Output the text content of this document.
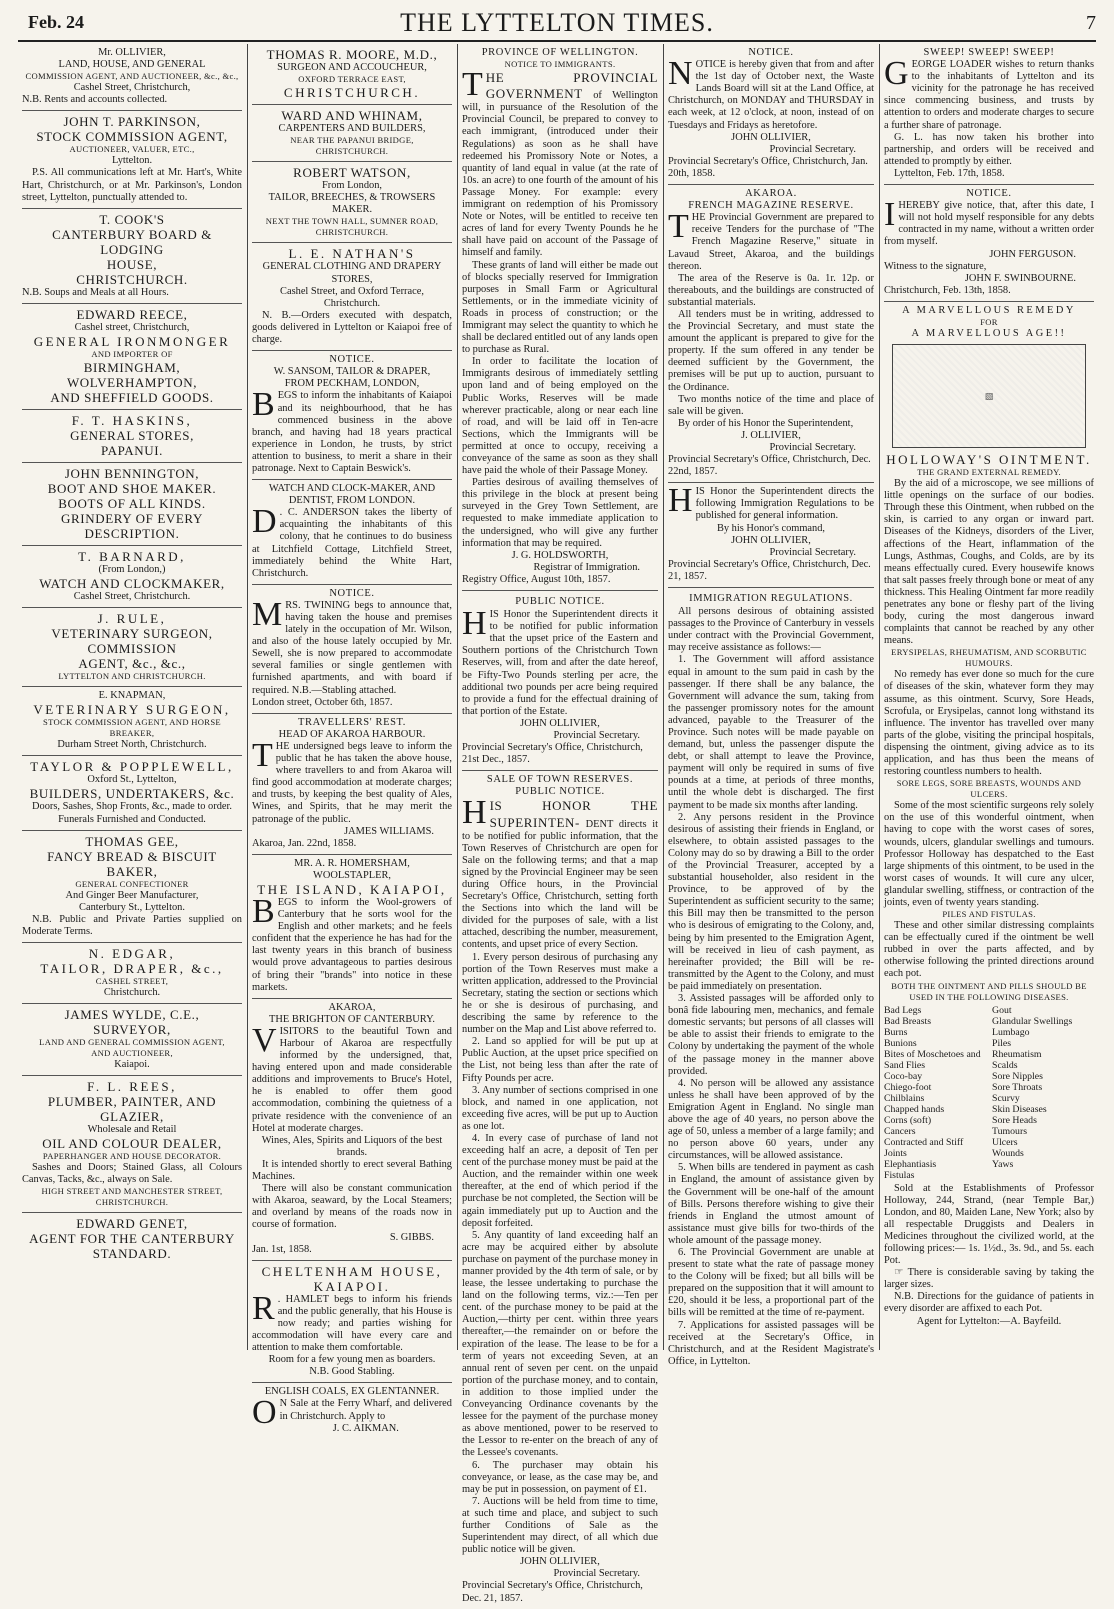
Feb. 24	THE LYTTELTON TIMES.	7
Mr. OLLIVIER,
LAND, HOUSE, AND GENERAL
COMMISSION AGENT, AND AUCTIONEER, &c., &c.,
Cashel Street, Christchurch,
N.B. Rents and accounts collected.
JOHN T. PARKINSON,
STOCK COMMISSION AGENT,
AUCTIONEER, VALUER, ETC.,
Lyttelton.
P.S. All communications left at Mr. Hart's, White Hart, Christchurch, or at Mr. Parkinson's, London street, Lyttelton, punctually attended to.
T. COOK'S
CANTERBURY BOARD & LODGING
HOUSE,
CHRISTCHURCH.
N.B. Soups and Meals at all Hours.
EDWARD REECE,
Cashel street, Christchurch,
GENERAL IRONMONGER
AND IMPORTER OF
BIRMINGHAM, WOLVERHAMPTON,
AND SHEFFIELD GOODS.
F. T. HASKINS,
GENERAL STORES,
PAPANUI.
JOHN BENNINGTON,
BOOT AND SHOE MAKER.
BOOTS OF ALL KINDS.
GRINDERY OF EVERY DESCRIPTION.
T. BARNARD,
(From London,)
WATCH AND CLOCKMAKER,
Cashel Street, Christchurch.
J. RULE,
VETERINARY SURGEON, COMMISSION
AGENT, &c., &c.,
LYTTELTON AND CHRISTCHURCH.
E. KNAPMAN,
VETERINARY SURGEON,
STOCK COMMISSION AGENT, AND HORSE
BREAKER,
Durham Street North, Christchurch.
TAYLOR & POPPLEWELL,
Oxford St., Lyttelton,
BUILDERS, UNDERTAKERS, &c.
Doors, Sashes, Shop Fronts, &c., made to order.
Funerals Furnished and Conducted.
THOMAS GEE,
FANCY BREAD & BISCUIT BAKER,
GENERAL CONFECTIONER
And Ginger Beer Manufacturer,
Canterbury St., Lyttelton.
N.B. Public and Private Parties supplied on Moderate Terms.
N. EDGAR,
TAILOR, DRAPER, &c.,
CASHEL STREET,
Christchurch.
JAMES WYLDE, C.E.,
SURVEYOR,
LAND AND GENERAL COMMISSION AGENT,
AND AUCTIONEER,
Kaiapoi.
F. L. REES,
PLUMBER, PAINTER, AND GLAZIER,
Wholesale and Retail
OIL AND COLOUR DEALER,
PAPERHANGER AND HOUSE DECORATOR.
Sashes and Doors; Stained Glass, all Colours Canvas, Tacks, &c., always on Sale.
HIGH STREET AND MANCHESTER STREET, CHRISTCHURCH.
EDWARD GENET,
AGENT FOR THE CANTERBURY
STANDARD.
THOMAS R. MOORE, M.D.,
SURGEON AND ACCOUCHEUR,
OXFORD TERRACE EAST,
CHRISTCHURCH.
WARD AND WHINAM,
CARPENTERS AND BUILDERS,
NEAR THE PAPANUI BRIDGE,
CHRISTCHURCH.
ROBERT WATSON,
From London,
TAILOR, BREECHES, & TROWSERS
MAKER.
NEXT THE TOWN HALL, SUMNER ROAD, CHRISTCHURCH.
L. E. NATHAN'S
GENERAL CLOTHING AND DRAPERY
STORES,
Cashel Street, and Oxford Terrace, Christchurch.
N. B.—Orders executed with despatch, goods delivered in Lyttelton or Kaiapoi free of charge.
NOTICE.
W. SANSOM, TAILOR & DRAPER,
FROM PECKHAM, LONDON,
BEGS to inform the inhabitants of Kaiapoi and its neighbourhood, that he has commenced business in the above branch, and having had 18 years practical experience in London, he trusts, by strict attention to business, to merit a share in their patronage. Next to Captain Beswick's.
WATCH AND CLOCK-MAKER, AND
DENTIST, FROM LONDON.
D . C. ANDERSON takes the liberty of acquainting the inhabitants of this colony, that he continues to do business at Litchfield Cottage, Litchfield Street, immediately behind the White Hart, Christchurch.
NOTICE.
MRS. TWINING begs to announce that, having taken the house and premises lately in the occupation of Mr. Wilson, and also of the house lately occupied by Mr. Sewell, she is now prepared to accommodate several families or single gentlemen with furnished apartments, and with board if required. N.B.—Stabling attached.
London street, October 6th, 1857.
TRAVELLERS' REST.
HEAD OF AKAROA HARBOUR.
THE undersigned begs leave to inform the public that he has taken the above house, where travellers to and from Akaroa will find good accommodation at moderate charges; and trusts, by keeping the best quality of Ales, Wines, and Spirits, that he may merit the patronage of the public.
JAMES WILLIAMS.
Akaroa, Jan. 22nd, 1858.
MR. A. R. HOMERSHAM,
WOOLSTAPLER,
THE ISLAND, KAIAPOI,
BEGS to inform the Wool-growers of Canterbury that he sorts wool for the English and other markets; and he feels confident that the experience he has had for the last twenty years in this branch of business would prove advantageous to parties desirous of bring their "brands" into notice in these markets.
AKAROA,
THE BRIGHTON OF CANTERBURY.
VISITORS to the beautiful Town and Harbour of Akaroa are respectfully informed by the undersigned, that, having entered upon and made considerable additions and improvements to Bruce's Hotel, he is enabled to offer them good accommodation, combining the quietness of a private residence with the convenience of an Hotel at moderate charges.
Wines, Ales, Spirits and Liquors of the best brands.
It is intended shortly to erect several Bathing Machines.
There will also be constant communication with Akaroa, seaward, by the Local Steamers; and overland by means of the roads now in course of formation.
S. GIBBS.
Jan. 1st, 1858.
CHELTENHAM HOUSE,
KAIAPOI.
R . HAMLET begs to inform his friends and the public generally, that his House is now ready; and parties wishing for accommodation will have every care and attention to make them comfortable.
Room for a few young men as boarders.
N.B. Good Stabling.
ENGLISH COALS, EX GLENTANNER.
O N Sale at the Ferry Wharf, and delivered in Christchurch. Apply to
J. C. AIKMAN.
PROVINCE OF WELLINGTON.
NOTICE TO IMMIGRANTS.
THE PROVINCIAL GOVERNMENT of Wellington will, in pursuance of the Resolution of the Provincial Council, be prepared to convey to each immigrant, (introduced under their Regulations) as soon as he shall have redeemed his Promissory Note or Notes, a quantity of land equal in value (at the rate of 10s. an acre) to one fourth of the amount of his Passage Money. For example: every immigrant on redemption of his Promissory Note or Notes, will be entitled to receive ten acres of land for every Twenty Pounds he he shall have paid on account of the Passage of himself and family.
These grants of land will either be made out of blocks specially reserved for Immigration purposes in Small Farm or Agricultural Settlements, or in the immediate vicinity of Roads in process of construction; or the Immigrant may select the quantity to which he shall be declared entitled out of any lands open to purchase as Rural.
In order to facilitate the location of Immigrants desirous of immediately settling upon land and of being employed on the Public Works, Reserves will be made wherever practicable, along or near each line of road, and will be laid off in Ten-acre Sections, which the Immigrants will be permitted at once to occupy, receiving a conveyance of the same as soon as they shall have paid the whole of their Passage Money.
Parties desirous of availing themselves of this privilege in the block at present being surveyed in the Grey Town Settlement, are requested to make immediate application to the undersigned, who will give any further information that may be required.
J. G. HOLDSWORTH,
Registrar of Immigration.
Registry Office, August 10th, 1857.
PUBLIC NOTICE.
HIS Honor the Superintendent directs it to be notified for public information that the upset price of the Eastern and Southern portions of the Christchurch Town Reserves, will, from and after the date hereof, be Fifty-Two Pounds sterling per acre, the additional two pounds per acre being required to provide a fund for the effectual draining of that portion of the Estate.
JOHN OLLIVIER,
Provincial Secretary.
Provincial Secretary's Office, Christchurch, 21st Dec., 1857.
SALE OF TOWN RESERVES.
PUBLIC NOTICE.
HIS HONOR THE SUPERINTEN- DENT directs it to be notified for public information, that the Town Reserves of Christchurch are open for Sale on the following terms; and that a map signed by the Provincial Engineer may be seen during Office hours, in the Provincial Secretary's Office, Christchurch, setting forth the Sections into which the land will be divided for the purposes of sale, with a list attached, describing the number, measurement, contents, and upset price of every Section.
1. Every person desirous of purchasing any portion of the Town Reserves must make a written application, addressed to the Provincial Secretary, stating the section or sections which he or she is desirous of purchasing, and describing the same by reference to the number on the Map and List above referred to.
2. Land so applied for will be put up at Public Auction, at the upset price specified on the List, not being less than after the rate of Fifty Pounds per acre.
3. Any number of sections comprised in one block, and named in one application, not exceeding five acres, will be put up to Auction as one lot.
4. In every case of purchase of land not exceeding half an acre, a deposit of Ten per cent of the purchase money must be paid at the Auction, and the remainder within one week thereafter, at the end of which period if the purchase be not completed, the Section will be again immediately put up to Auction and the deposit forfeited.
5. Any quantity of land exceeding half an acre may be acquired either by absolute purchase on payment of the purchase money in manner provided by the 4th term of sale, or by lease, the lessee undertaking to purchase the land on the following terms, viz.:—Ten per cent. of the purchase money to be paid at the Auction,—thirty per cent. within three years thereafter,—the remainder on or before the expiration of the lease. The lease to be for a term of years not exceeding Seven, at an annual rent of seven per cent. on the unpaid portion of the purchase money, and to contain, in addition to those implied under the Conveyancing Ordinance covenants by the lessee for the payment of the purchase money as above mentioned, power to be reserved to the Lessor to re-enter on the breach of any of the Lessee's covenants.
6. The purchaser may obtain his conveyance, or lease, as the case may be, and may be put in possession, on payment of £1.
7. Auctions will be held from time to time, at such time and place, and subject to such further Conditions of Sale as the Superintendent may direct, of all which due public notice will be given.
JOHN OLLIVIER,
Provincial Secretary.
Provincial Secretary's Office, Christchurch, Dec. 21, 1857.
NOTICE.
NOTICE is hereby given that from and after the 1st day of October next, the Waste Lands Board will sit at the Land Office, at Christchurch, on MONDAY and THURSDAY in each week, at 12 o'clock, at noon, instead of on Tuesdays and Fridays as heretofore.
JOHN OLLIVIER,
Provincial Secretary.
Provincial Secretary's Office, Christchurch, Jan. 20th, 1858.
AKAROA.
FRENCH MAGAZINE RESERVE.
THE Provincial Government are prepared to receive Tenders for the purchase of "The French Magazine Reserve," situate in Lavaud Street, Akaroa, and the buildings thereon.
The area of the Reserve is 0a. 1r. 12p. or thereabouts, and the buildings are constructed of substantial materials.
All tenders must be in writing, addressed to the Provincial Secretary, and must state the amount the applicant is prepared to give for the property. If the sum offered in any tender be deemed sufficient by the Government, the premises will be put up to auction, pursuant to the Ordinance.
Two months notice of the time and place of sale will be given.
By order of his Honor the Superintendent,
J. OLLIVIER,
Provincial Secretary.
Provincial Secretary's Office, Christchurch, Dec. 22nd, 1857.
HIS Honor the Superintendent directs the following Immigration Regulations to be published for general information.
By his Honor's command,
JOHN OLLIVIER,
Provincial Secretary.
Provincial Secretary's Office, Christchurch, Dec. 21, 1857.
IMMIGRATION REGULATIONS.
All persons desirous of obtaining assisted passages to the Province of Canterbury in vessels under contract with the Provincial Government, may receive assistance as follows:—
1. The Government will afford assistance equal in amount to the sum paid in cash by the passenger. If there shall be any balance, the Government will advance the sum, taking from the passenger promissory notes for the amount advanced, payable to the Treasurer of the Province. Such notes will be made payable on demand, but, unless the passenger dispute the debt, or shall attempt to leave the Province, payment will only be required in sums of five pounds at a time, at periods of three months, until the whole debt is discharged. The first payment to be made six months after landing.
2. Any persons resident in the Province desirous of assisting their friends in England, or elsewhere, to obtain assisted passages to the Colony may do so by drawing a Bill to the order of the Provincial Treasurer, accepted by a substantial householder, also resident in the Province, to be approved of by the Superintendent as sufficient security to the same; this Bill may then be transmitted to the person who is desirous of emigrating to the Colony, and, being by him presented to the Emigration Agent, will be received in lieu of cash payment, as hereinafter provided; the Bill will be re-transmitted by the Agent to the Colony, and must be paid immediately on presentation.
3. Assisted passages will be afforded only to bonâ fide labouring men, mechanics, and female domestic servants; but persons of all classes will be able to assist their friends to emigrate to the Colony by undertaking the payment of the whole of the passage money in the manner above provided.
4. No person will be allowed any assistance unless he shall have been approved of by the Emigration Agent in England. No single man above the age of 40 years, no person above the age of 50, unless a member of a large family; and no person above 60 years, under any circumstances, will be allowed assistance.
5. When bills are tendered in payment as cash in England, the amount of assistance given by the Government will be one-half of the amount of Bills. Persons therefore wishing to give their friends in England the utmost amount of assistance must give bills for two-thirds of the whole amount of the passage money.
6. The Provincial Government are unable at present to state what the rate of passage money to the Colony will be fixed; but all bills will be prepared on the supposition that it will amount to £20, should it be less, a proportional part of the bills will be remitted at the time of re-payment.
7. Applications for assisted passages will be received at the Secretary's Office, in Christchurch, and at the Resident Magistrate's Office, in Lyttelton.
SWEEP! SWEEP! SWEEP!
GEORGE LOADER wishes to return thanks to the inhabitants of Lyttelton and its vicinity for the patronage he has received since commencing business, and trusts by attention to orders and moderate charges to secure a further share of patronage.
G. L. has now taken his brother into partnership, and orders will be received and attended to promptly by either.
Lyttelton, Feb. 17th, 1858.
NOTICE.
I HEREBY give notice, that, after this date, I will not hold myself responsible for any debts contracted in my name, without a written order from myself.
JOHN FERGUSON.
Witness to the signature,
JOHN F. SWINBOURNE.
Christchurch, Feb. 13th, 1858.
A MARVELLOUS REMEDY
FOR
A MARVELLOUS AGE!!
▧
HOLLOWAY'S OINTMENT.
THE GRAND EXTERNAL REMEDY.
By the aid of a microscope, we see millions of little openings on the surface of our bodies. Through these this Ointment, when rubbed on the skin, is carried to any organ or inward part. Diseases of the Kidneys, disorders of the Liver, affections of the Heart, inflammation of the Lungs, Asthmas, Coughs, and Colds, are by its means effectually cured. Every housewife knows that salt passes freely through bone or meat of any thickness. This Healing Ointment far more readily penetrates any bone or fleshy part of the living body, curing the most dangerous inward complaints that cannot be reached by any other means.
ERYSIPELAS, RHEUMATISM, AND SCORBUTIC HUMOURS.
No remedy has ever done so much for the cure of diseases of the skin, whatever form they may assume, as this ointment. Scurvy, Sore Heads, Scrofula, or Erysipelas, cannot long withstand its influence. The inventor has travelled over many parts of the globe, visiting the principal hospitals, dispensing the ointment, giving advice as to its application, and has thus been the means of restoring countless numbers to health.
SORE LEGS, SORE BREASTS, WOUNDS AND ULCERS.
Some of the most scientific surgeons rely solely on the use of this wonderful ointment, when having to cope with the worst cases of sores, wounds, ulcers, glandular swellings and tumours. Professor Holloway has despatched to the East large shipments of this ointment, to be used in the worst cases of wounds. It will cure any ulcer, glandular swelling, stiffness, or contraction of the joints, even of twenty years standing.
PILES AND FISTULAS.
These and other similar distressing complaints can be effectually cured if the ointment be well rubbed in over the parts affected, and by otherwise following the printed directions around each pot.
BOTH THE OINTMENT AND PILLS SHOULD BE USED IN THE FOLLOWING DISEASES.
Bad Legs
Bad Breasts
Burns
Bunions
Bites of Moschetoes and Sand Flies
Coco-bay
Chiego-foot
Chilblains
Chapped hands
Corns (soft)
Cancers
Contracted and Stiff Joints
Elephantiasis
Fistulas
Gout
Glandular Swellings
Lumbago
Piles
Rheumatism
Scalds
Sore Nipples
Sore Throats
Scurvy
Skin Diseases
Sore Heads
Tumours
Ulcers
Wounds
Yaws
Sold at the Establishments of Professor Holloway, 244, Strand, (near Temple Bar,) London, and 80, Maiden Lane, New York; also by all respectable Druggists and Dealers in Medicines throughout the civilized world, at the following prices:— 1s. 1½d., 3s. 9d., and 5s. each Pot.
☞ There is considerable saving by taking the larger sizes.
N.B. Directions for the guidance of patients in every disorder are affixed to each Pot.
Agent for Lyttelton:—A. Bayfeild.
